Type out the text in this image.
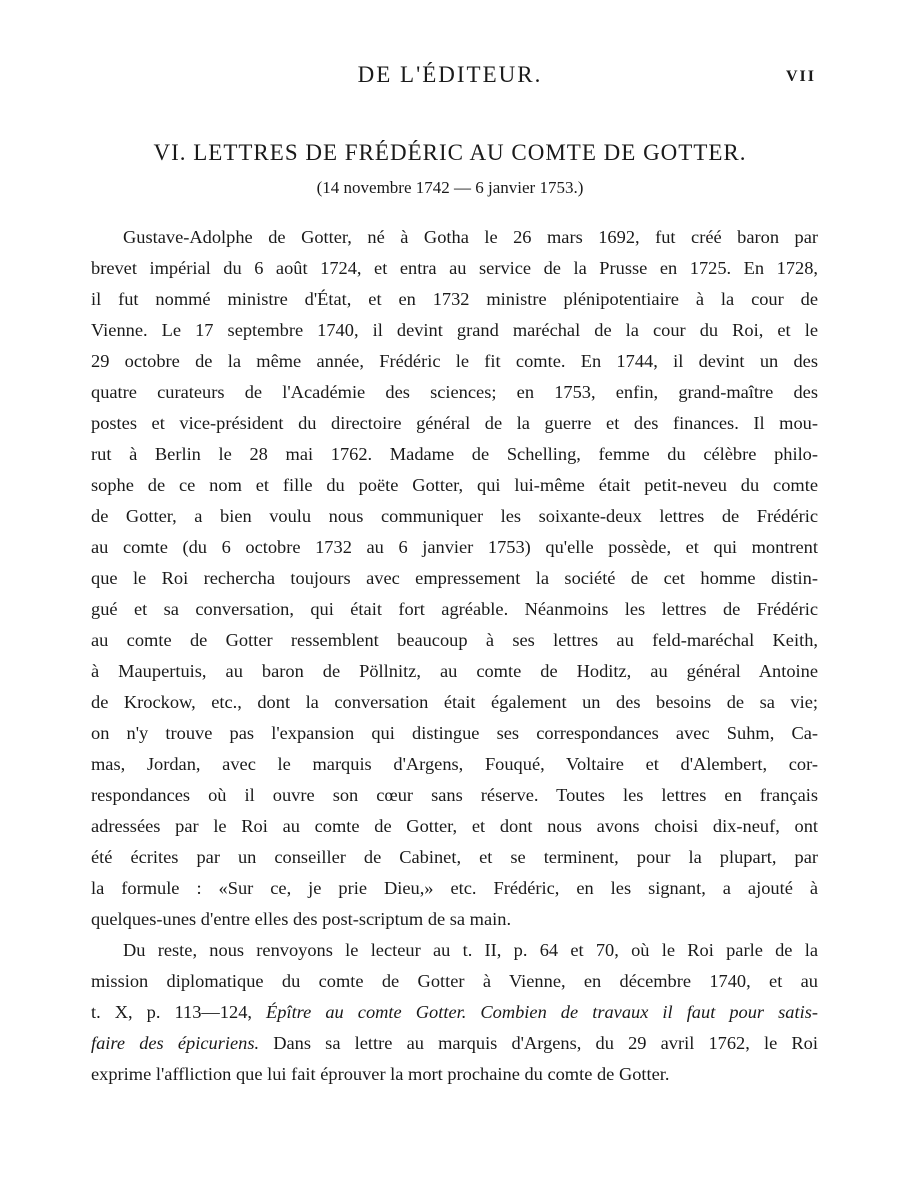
DE L'ÉDITEUR.	VII
VI. LETTRES DE FRÉDÉRIC AU COMTE DE GOTTER.
(14 novembre 1742 — 6 janvier 1753.)
Gustave-Adolphe de Gotter, né à Gotha le 26 mars 1692, fut créé baron par
brevet impérial du 6 août 1724, et entra au service de la Prusse en 1725. En 1728,
il fut nommé ministre d'État, et en 1732 ministre plénipotentiaire à la cour de
Vienne. Le 17 septembre 1740, il devint grand maréchal de la cour du Roi, et le
29 octobre de la même année, Frédéric le fit comte. En 1744, il devint un des
quatre curateurs de l'Académie des sciences; en 1753, enfin, grand-maître des
postes et vice-président du directoire général de la guerre et des finances. Il mou-
rut à Berlin le 28 mai 1762. Madame de Schelling, femme du célèbre philo-
sophe de ce nom et fille du poëte Gotter, qui lui-même était petit-neveu du comte
de Gotter, a bien voulu nous communiquer les soixante-deux lettres de Frédéric
au comte (du 6 octobre 1732 au 6 janvier 1753) qu'elle possède, et qui montrent
que le Roi rechercha toujours avec empressement la société de cet homme distin-
gué et sa conversation, qui était fort agréable. Néanmoins les lettres de Frédéric
au comte de Gotter ressemblent beaucoup à ses lettres au feld-maréchal Keith,
à Maupertuis, au baron de Pöllnitz, au comte de Hoditz, au général Antoine
de Krockow, etc., dont la conversation était également un des besoins de sa vie;
on n'y trouve pas l'expansion qui distingue ses correspondances avec Suhm, Ca-
mas, Jordan, avec le marquis d'Argens, Fouqué, Voltaire et d'Alembert, cor-
respondances où il ouvre son cœur sans réserve. Toutes les lettres en français
adressées par le Roi au comte de Gotter, et dont nous avons choisi dix-neuf, ont
été écrites par un conseiller de Cabinet, et se terminent, pour la plupart, par
la formule : «Sur ce, je prie Dieu,» etc. Frédéric, en les signant, a ajouté à
quelques-unes d'entre elles des post-scriptum de sa main.
Du reste, nous renvoyons le lecteur au t. II, p. 64 et 70, où le Roi parle de la
mission diplomatique du comte de Gotter à Vienne, en décembre 1740, et au
t. X, p. 113—124, Épître au comte Gotter. Combien de travaux il faut pour satis-
faire des épicuriens. Dans sa lettre au marquis d'Argens, du 29 avril 1762, le Roi
exprime l'affliction que lui fait éprouver la mort prochaine du comte de Gotter.
